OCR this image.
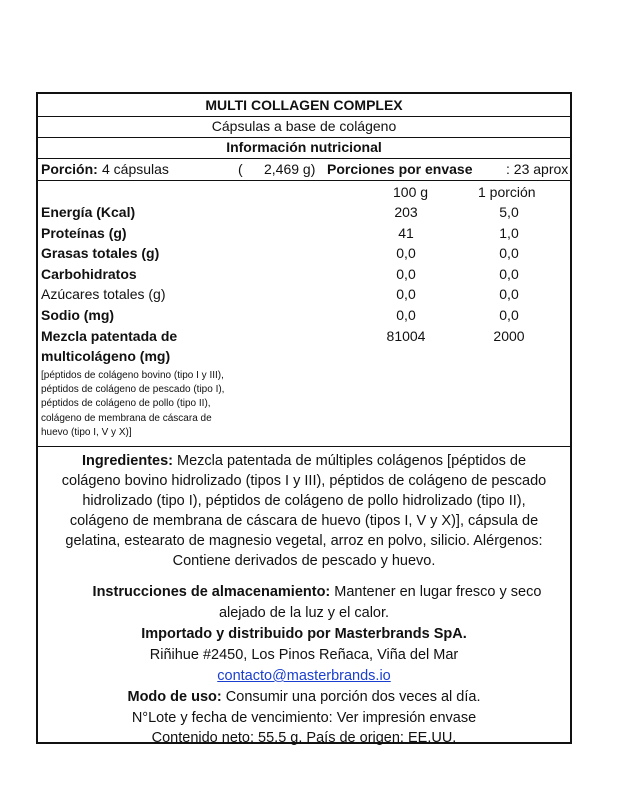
MULTI COLLAGEN COMPLEX
Cápsulas a base de colágeno
Información nutricional
Porción: 4 cápsulas	( 2,469 g) Porciones por envase	: 23 aprox
100 g	1 porción
Energía (Kcal)	203	5,0
Proteínas (g)	41	1,0
Grasas totales (g)	0,0	0,0
Carbohidratos	0,0	0,0
Azúcares totales (g)	0,0	0,0
Sodio (mg)	0,0	0,0
Mezcla patentada de	81004	2000
multicolágeno (mg)
[péptidos de colágeno bovino (tipo I y III),
péptidos de colágeno de pescado (tipo I),
péptidos de colágeno de pollo (tipo II),
colágeno de membrana de cáscara de
huevo (tipo I, V y X)]
Ingredientes: Mezcla patentada de múltiples colágenos [péptidos de colágeno bovino hidrolizado (tipos I y III), péptidos de colágeno de pescado hidrolizado (tipo I), péptidos de colágeno de pollo hidrolizado (tipo II), colágeno de membrana de cáscara de huevo (tipos I, V y X)], cápsula de gelatina, estearato de magnesio vegetal, arroz en polvo, silicio. Alérgenos: Contiene derivados de pescado y huevo.
Instrucciones de almacenamiento: Mantener en lugar fresco y seco
alejado de la luz y el calor.
Importado y distribuido por Masterbrands SpA.
Riñihue #2450, Los Pinos Reñaca, Viña del Mar
contacto@masterbrands.io
Modo de uso: Consumir una porción dos veces al día.
N°Lote y fecha de vencimiento: Ver impresión envase
Contenido neto: 55,5 g. País de origen: EE.UU.
